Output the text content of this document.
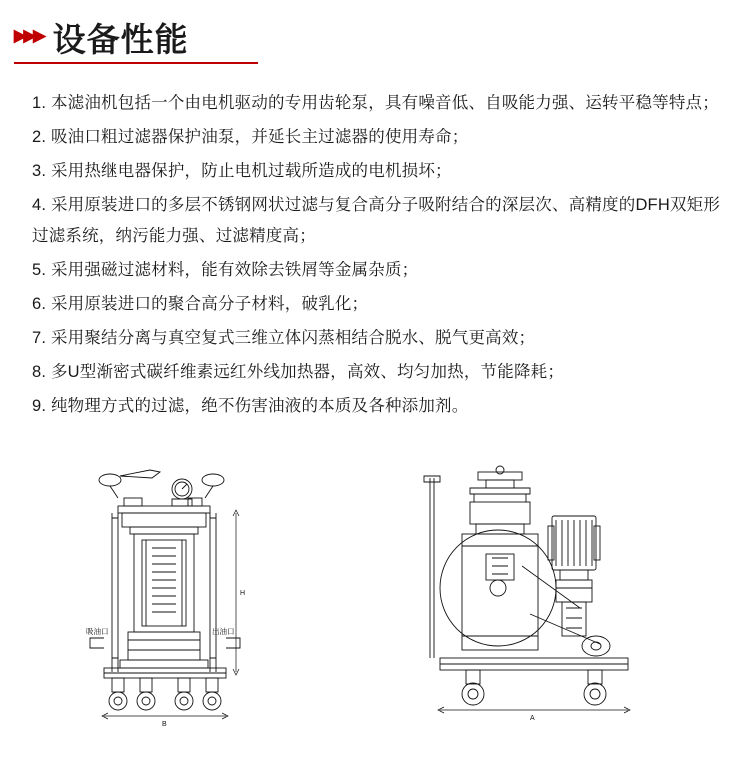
▸▸▸ 设备性能

1. 本滤油机包括一个由电机驱动的专用齿轮泵，具有噪音低、自吸能力强、运转平稳等特点；

2. 吸油口粗过滤器保护油泵，并延长主过滤器的使用寿命；

3. 采用热继电器保护，防止电机过载所造成的电机损坏；

4. 采用原装进口的多层不锈钢网状过滤与复合高分子吸附结合的深层次、高精度的DFH双矩形过滤系统，纳污能力强、过滤精度高；

5. 采用强磁过滤材料，能有效除去铁屑等金属杂质；

6. 采用原装进口的聚合高分子材料，破乳化；

7. 采用聚结分离与真空复式三维立体闪蒸相结合脱水、脱气更高效；

8. 多U型渐密式碳纤维素远红外线加热器，高效、均匀加热，节能降耗；

9. 纯物理方式的过滤，绝不伤害油液的本质及各种添加剂。

H
B
A
吸油口	出油口
